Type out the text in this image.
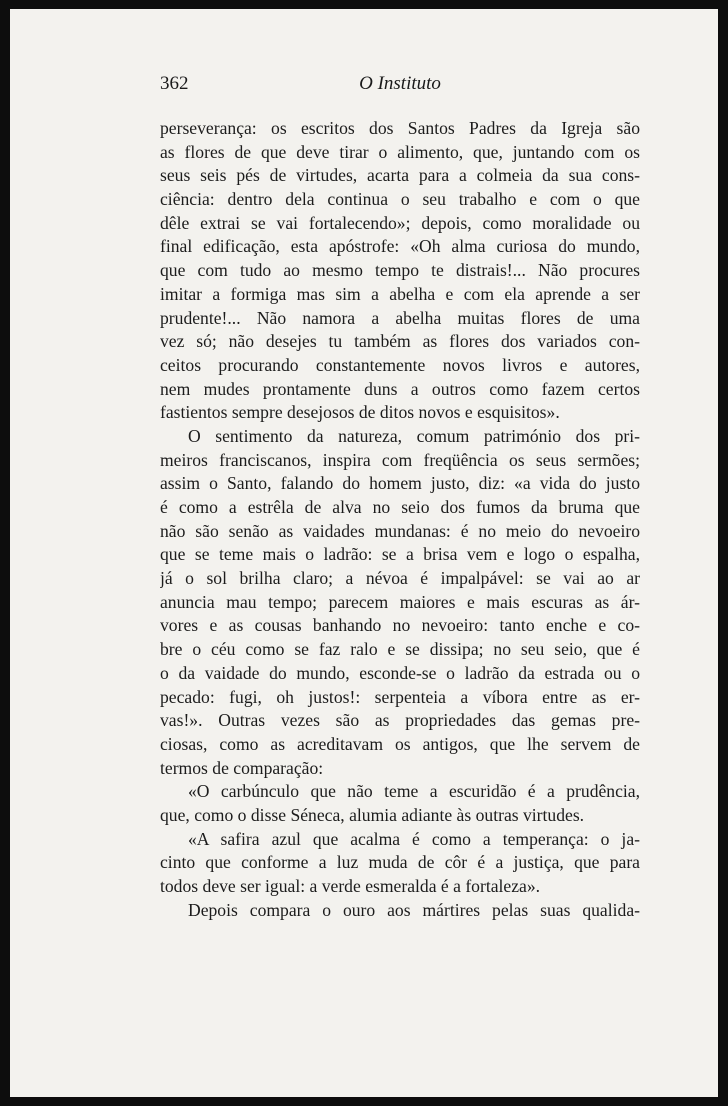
362	O Instituto
perseverança: os escritos dos Santos Padres da Igreja são
as flores de que deve tirar o alimento, que, juntando com os
seus seis pés de virtudes, acarta para a colmeia da sua cons-
ciência: dentro dela continua o seu trabalho e com o que
dêle extrai se vai fortalecendo»; depois, como moralidade ou
final edificação, esta apóstrofe: «Oh alma curiosa do mundo,
que com tudo ao mesmo tempo te distrais!... Não procures
imitar a formiga mas sim a abelha e com ela aprende a ser
prudente!... Não namora a abelha muitas flores de uma
vez só; não desejes tu também as flores dos variados con-
ceitos procurando constantemente novos livros e autores,
nem mudes prontamente duns a outros como fazem certos
fastientos sempre desejosos de ditos novos e esquisitos».
O sentimento da natureza, comum património dos pri-
meiros franciscanos, inspira com freqüência os seus sermões;
assim o Santo, falando do homem justo, diz: «a vida do justo
é como a estrêla de alva no seio dos fumos da bruma que
não são senão as vaidades mundanas: é no meio do nevoeiro
que se teme mais o ladrão: se a brisa vem e logo o espalha,
já o sol brilha claro; a névoa é impalpável: se vai ao ar
anuncia mau tempo; parecem maiores e mais escuras as ár-
vores e as cousas banhando no nevoeiro: tanto enche e co-
bre o céu como se faz ralo e se dissipa; no seu seio, que é
o da vaidade do mundo, esconde-se o ladrão da estrada ou o
pecado: fugi, oh justos!: serpenteia a víbora entre as er-
vas!». Outras vezes são as propriedades das gemas pre-
ciosas, como as acreditavam os antigos, que lhe servem de
termos de comparação:
«O carbúnculo que não teme a escuridão é a prudência,
que, como o disse Séneca, alumia adiante às outras virtudes.
«A safira azul que acalma é como a temperança: o ja-
cinto que conforme a luz muda de côr é a justiça, que para
todos deve ser igual: a verde esmeralda é a fortaleza».
Depois compara o ouro aos mártires pelas suas qualida-
